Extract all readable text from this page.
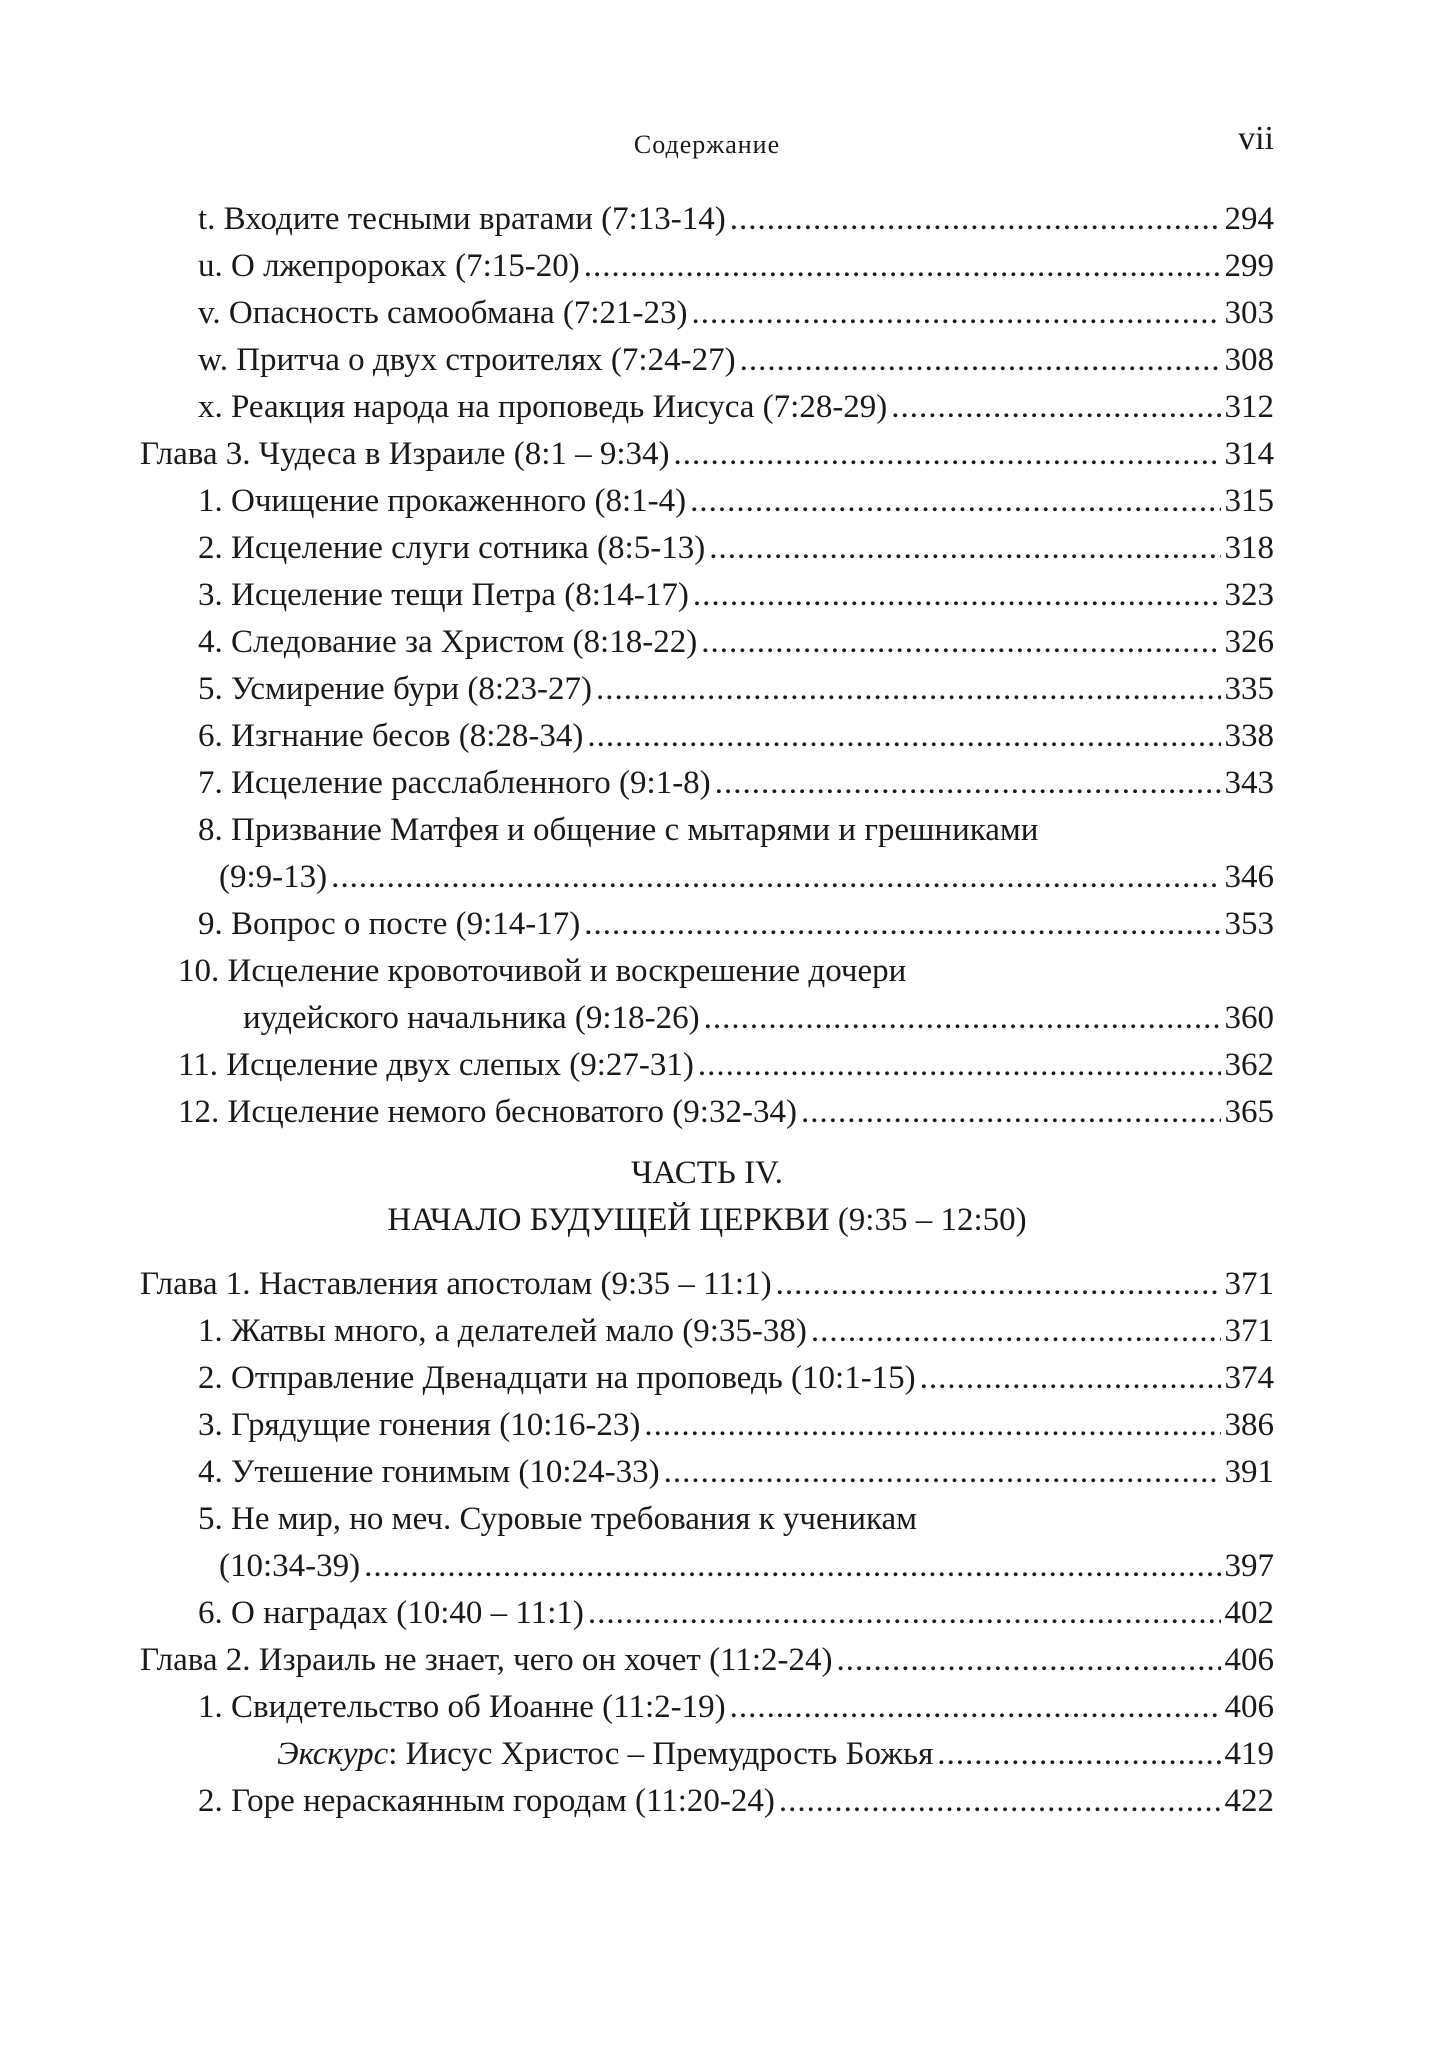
Содержание	vii
t. Входите тесными вратами (7:13-14) .....	294
u. О лжепророках (7:15-20) .....	299
v. Опасность самообмана (7:21-23) .....	303
w. Притча о двух строителях (7:24-27) .....	308
x. Реакция народа на проповедь Иисуса (7:28-29) .....	312
Глава 3. Чудеса в Израиле (8:1 – 9:34) .....	314
1. Очищение прокаженного (8:1-4) .....	315
2. Исцеление слуги сотника (8:5-13) .....	318
3. Исцеление тещи Петра (8:14-17) .....	323
4. Следование за Христом (8:18-22) .....	326
5. Усмирение бури (8:23-27) .....	335
6. Изгнание бесов (8:28-34) .....	338
7. Исцеление расслабленного (9:1-8) .....	343
8. Призвание Матфея и общение с мытарями и грешниками
(9:9-13) .....	346
9. Вопрос о посте (9:14-17) .....	353
10. Исцеление кровоточивой и воскрешение дочери
иудейского начальника (9:18-26) .....	360
11. Исцеление двух слепых (9:27-31) .....	362
12. Исцеление немого бесноватого (9:32-34) .....	365
ЧАСТЬ IV.
НАЧАЛО БУДУЩЕЙ ЦЕРКВИ (9:35 – 12:50)
Глава 1. Наставления апостолам (9:35 – 11:1) .....	371
1. Жатвы много, а делателей мало (9:35-38) .....	371
2. Отправление Двенадцати на проповедь (10:1-15) .....	374
3. Грядущие гонения (10:16-23) .....	386
4. Утешение гонимым (10:24-33) .....	391
5. Не мир, но меч. Суровые требования к ученикам
(10:34-39) .....	397
6. О наградах (10:40 – 11:1) .....	402
Глава 2. Израиль не знает, чего он хочет (11:2-24) .....	406
1. Свидетельство об Иоанне (11:2-19) .....	406
Экскурс: Иисус Христос – Премудрость Божья .....	419
2. Горе нераскаянным городам (11:20-24) .....	422
